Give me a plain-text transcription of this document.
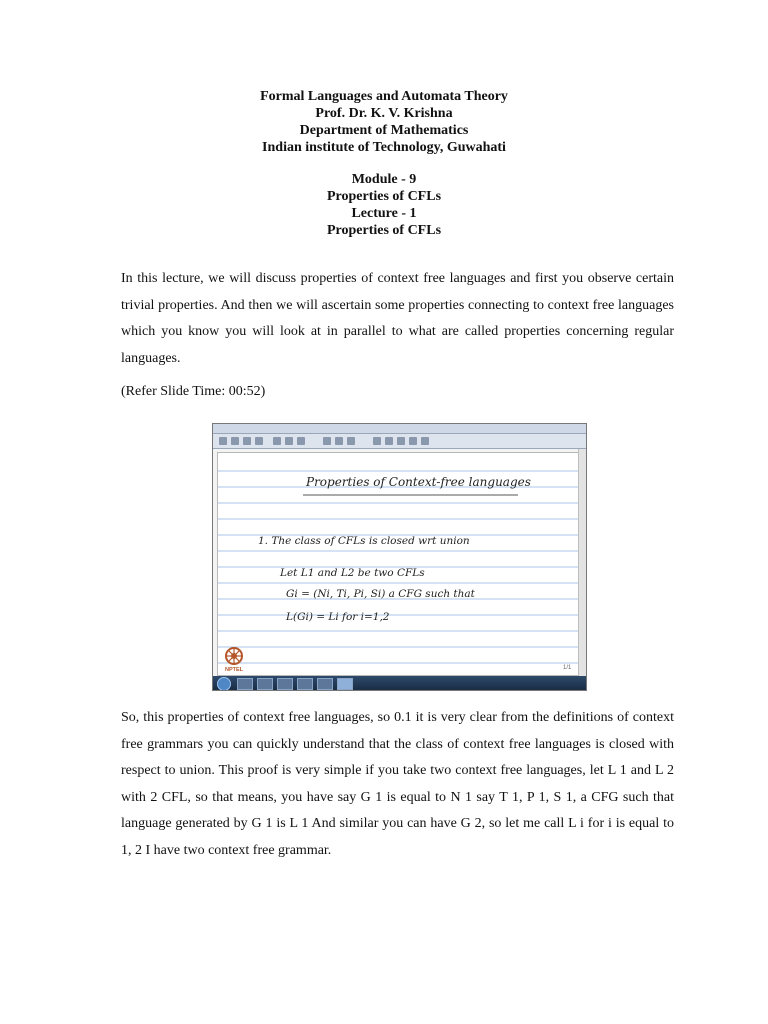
Formal Languages and Automata Theory
Prof. Dr. K. V. Krishna
Department of Mathematics
Indian institute of Technology, Guwahati
Module - 9
Properties of CFLs
Lecture - 1
Properties of CFLs
In this lecture, we will discuss properties of context free languages and first you observe certain trivial properties. And then we will ascertain some properties connecting to context free languages which you know you will look at in parallel to what are called properties concerning regular languages.
(Refer Slide Time: 00:52)
Properties of Context-free languages
1. The class of CFLs is closed wrt union
Let L1 and L2 be two CFLs
Gi = (Ni, Ti, Pi, Si) a CFG such that
L(Gi) = Li for i=1,2
1/1
NPTEL
So, this properties of context free languages, so 0.1 it is very clear from the definitions of context free grammars you can quickly understand that the class of context free languages is closed with respect to union. This proof is very simple if you take two context free languages, let L 1 and L 2 with 2 CFL, so that means, you have say G 1 is equal to N 1 say T 1, P 1, S 1, a CFG such that language generated by G 1 is L 1 And similar you can have G 2, so let me call L i for i is equal to 1, 2 I have two context free grammar.
